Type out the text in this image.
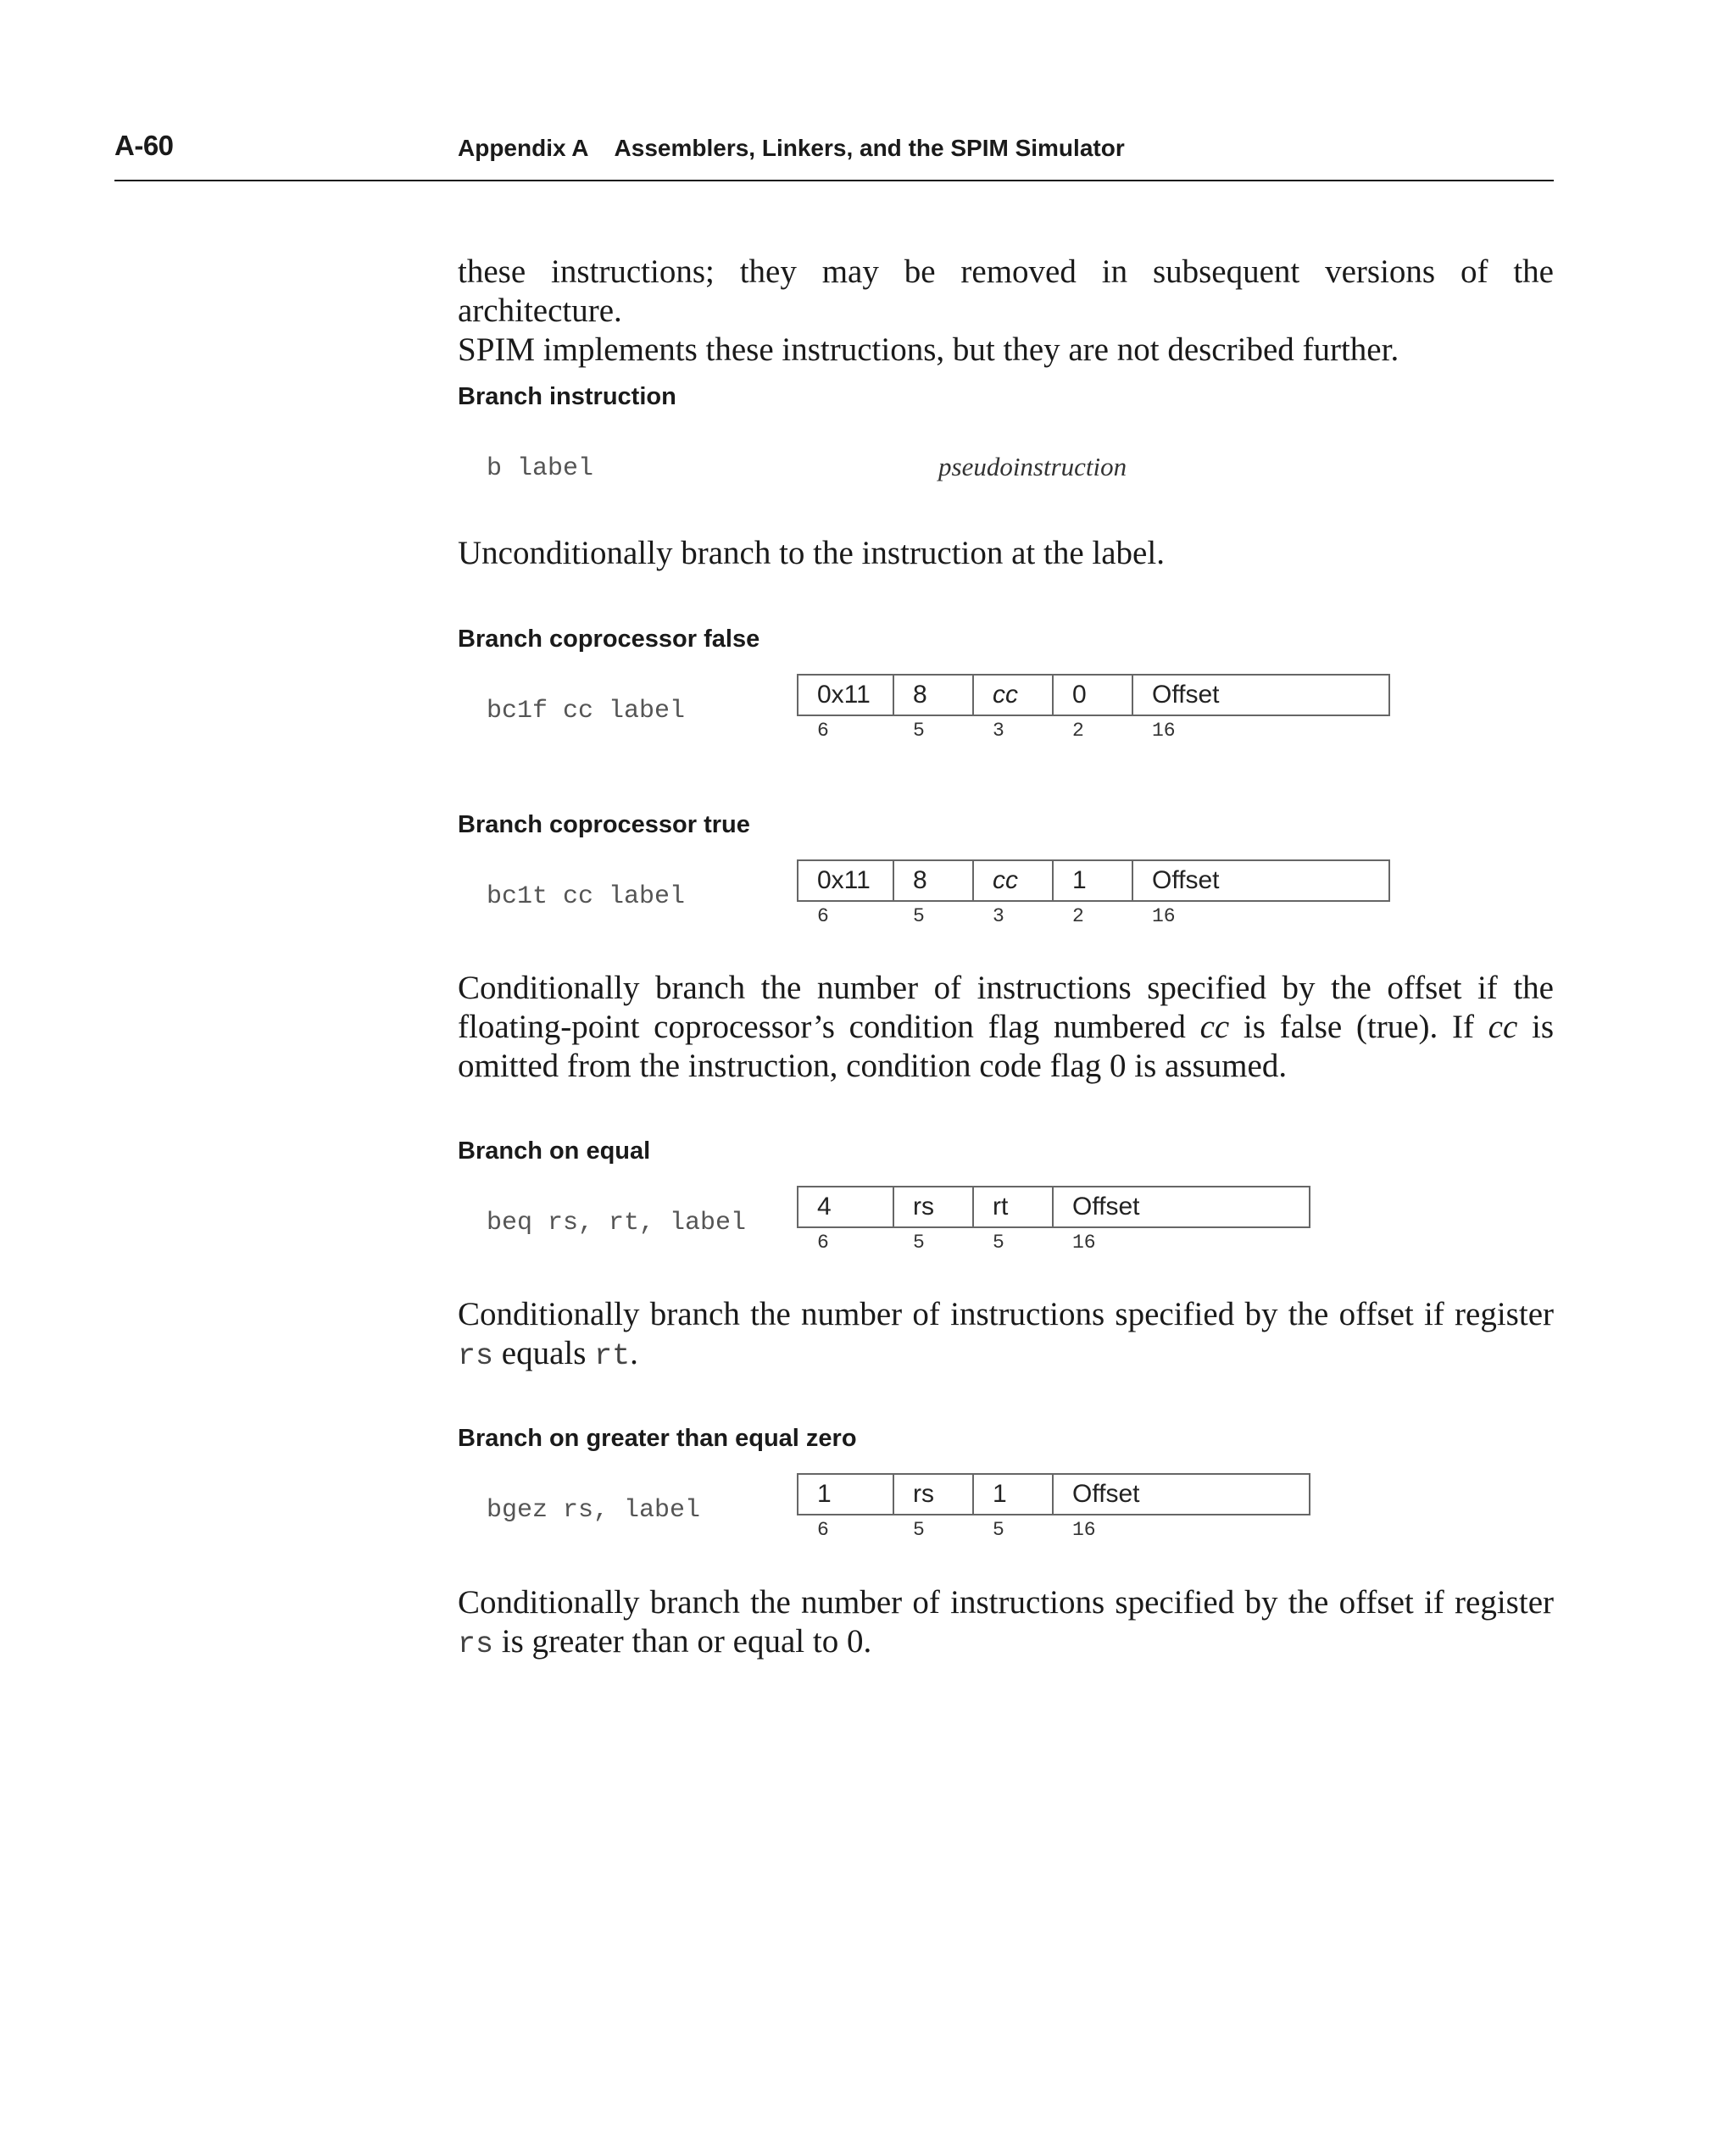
A-60	Appendix A Assemblers, Linkers, and the SPIM Simulator

these instructions; they may be removed in subsequent versions of the architecture.
SPIM implements these instructions, but they are not described further.

Branch instruction
b label	pseudoinstruction

Unconditionally branch to the instruction at the label.

Branch coprocessor false
bc1f cc label
0x11	8	cc	0	Offset
6	5	3	2	16
Branch coprocessor true
bc1t cc label
0x11	8	cc	1	Offset
6	5	3	2	16

Conditionally branch the number of instructions specified by the offset if the floating-point coprocessor’s condition flag numbered cc is false (true). If cc is omitted from the instruction, condition code flag 0 is assumed.

Branch on equal
beq rs, rt, label
4	rs	rt	Offset
6	5	5	16

Conditionally branch the number of instructions specified by the offset if register rs equals rt.

Branch on greater than equal zero
bgez rs, label
1	rs	1	Offset
6	5	5	16

Conditionally branch the number of instructions specified by the offset if register rs is greater than or equal to 0.
